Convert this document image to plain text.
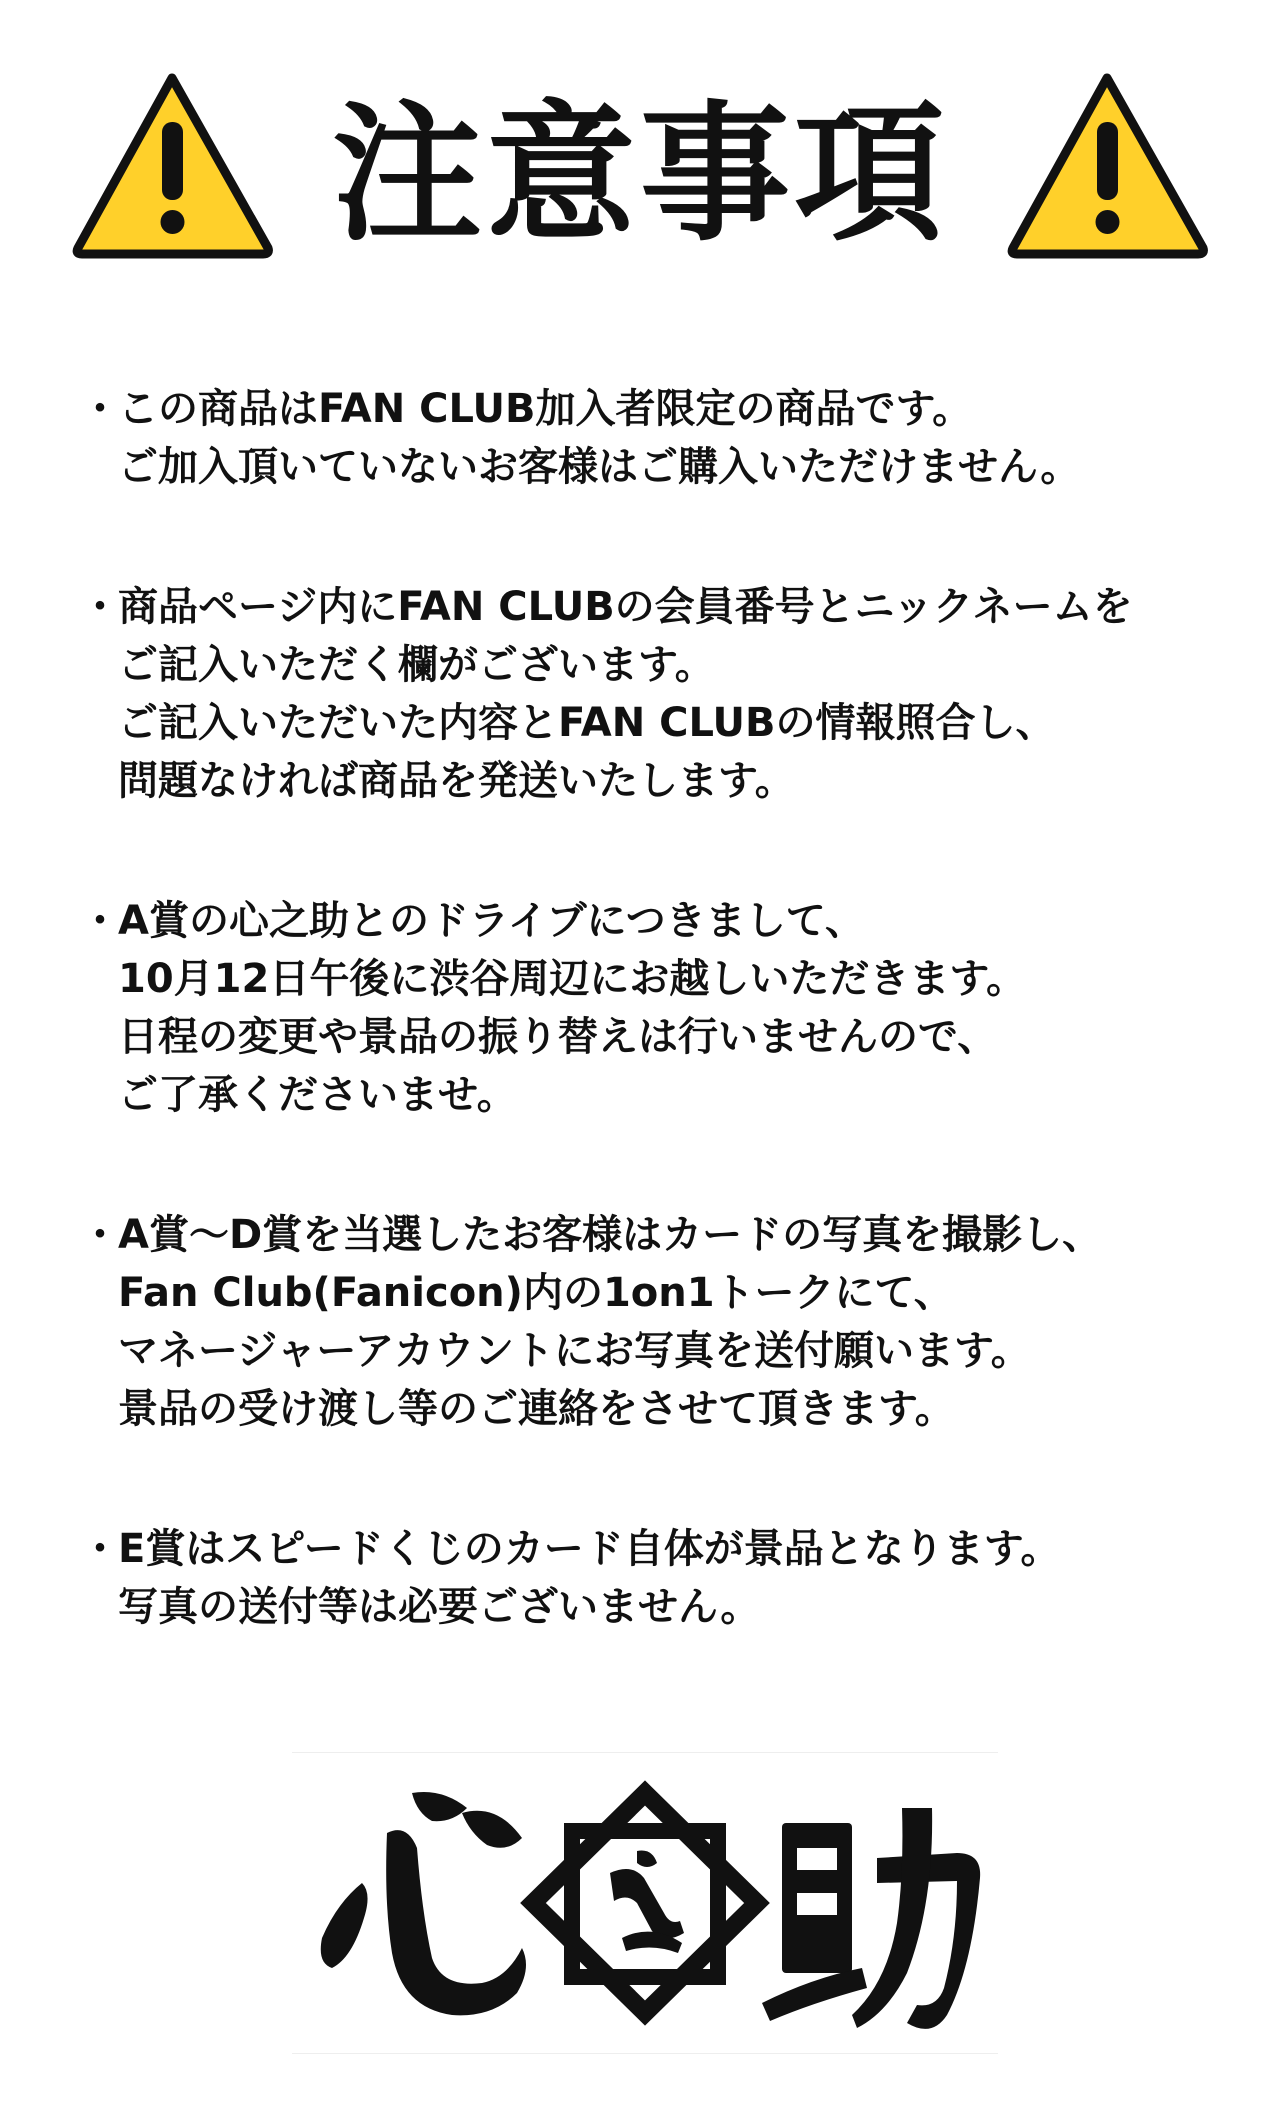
注意事項
・
この商品はFAN CLUB加入者限定の商品です。
ご加入頂いていないお客様はご購入いただけません。
・
商品ページ内にFAN CLUBの会員番号とニックネームを
ご記入いただく欄がございます。
ご記入いただいた内容とFAN CLUBの情報照合し、
問題なければ商品を発送いたします。
・
A賞の心之助とのドライブにつきまして、
10月12日午後に渋谷周辺にお越しいただきます。
日程の変更や景品の振り替えは行いませんので、
ご了承くださいませ。
・
A賞〜D賞を当選したお客様はカードの写真を撮影し、
Fan Club(Fanicon)内の1on1トークにて、
マネージャーアカウントにお写真を送付願います。
景品の受け渡し等のご連絡をさせて頂きます。
・
E賞はスピードくじのカード自体が景品となります。
写真の送付等は必要ございません。
